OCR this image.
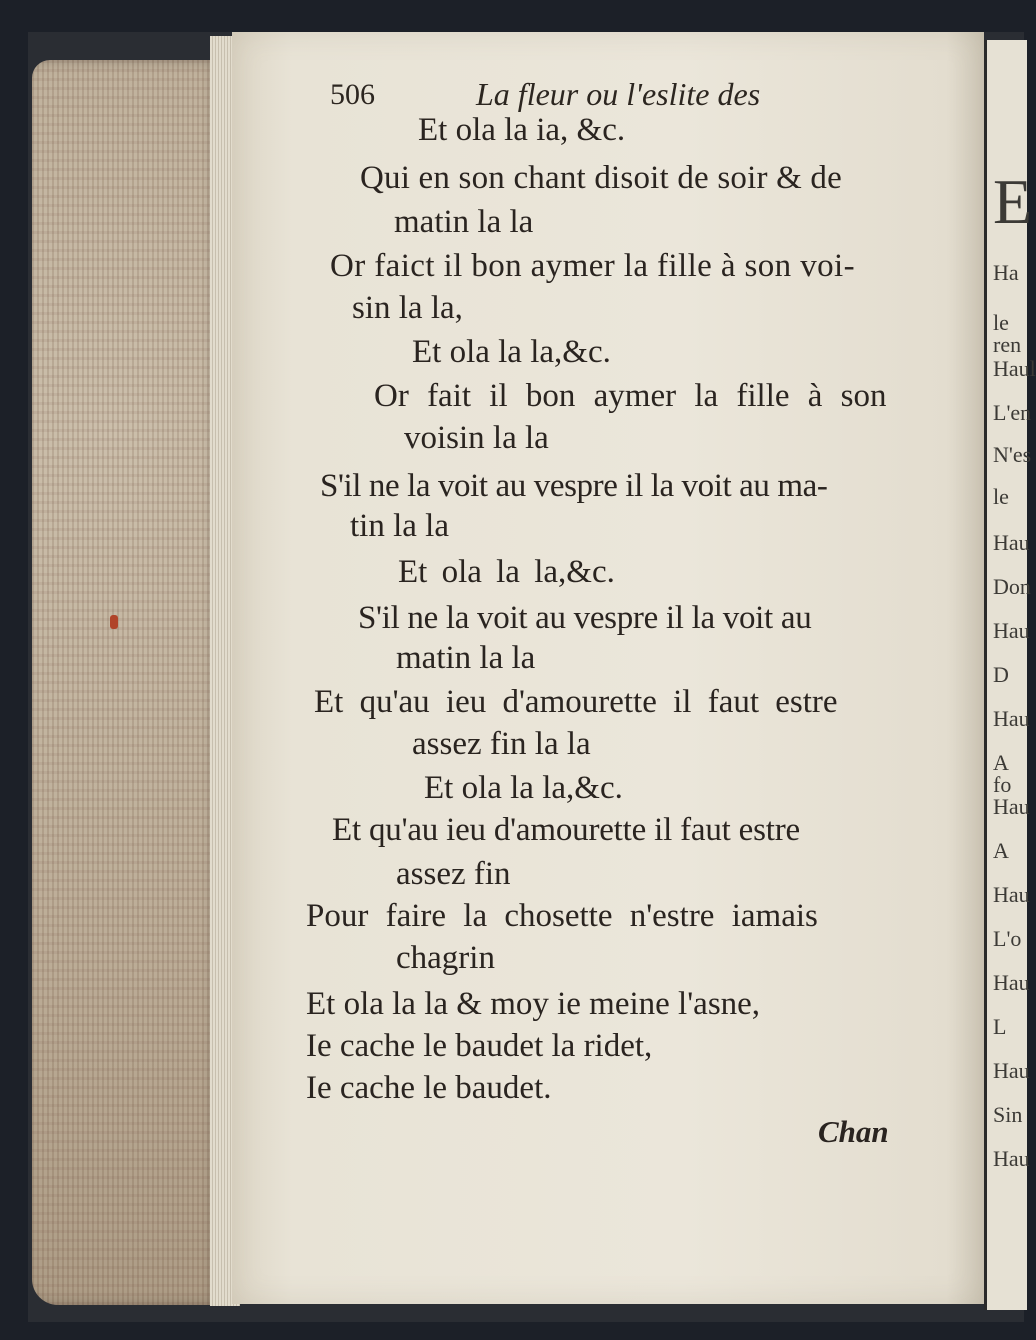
E
Ha
le ren
Haul
L'en
N'es
le
Hau
Don
Hau
D
Hau
A fo
Hau
A
Hau
L'o
Hau
L
Hau
Sin
Hau
506	La fleur ou l'eslite des

Et ola la ia, &c.

Qui en son chant disoit de soir & de

matin la la

Or faict il bon aymer la fille à son voi-

sin la la,

Et ola la la,&c.

Or fait il bon aymer la fille à son

voisin la la

S'il ne la voit au vespre il la voit au ma-

tin la la

Et ola la la,&c.

S'il ne la voit au vespre il la voit au

matin la la

Et qu'au ieu d'amourette il faut estre

assez fin la la

Et ola la la,&c.

Et qu'au ieu d'amourette il faut estre

assez fin

Pour faire la chosette n'estre iamais

chagrin

Et ola la la & moy ie meine l'asne,

Ie cache le baudet la ridet,

Ie cache le baudet.

Chan
